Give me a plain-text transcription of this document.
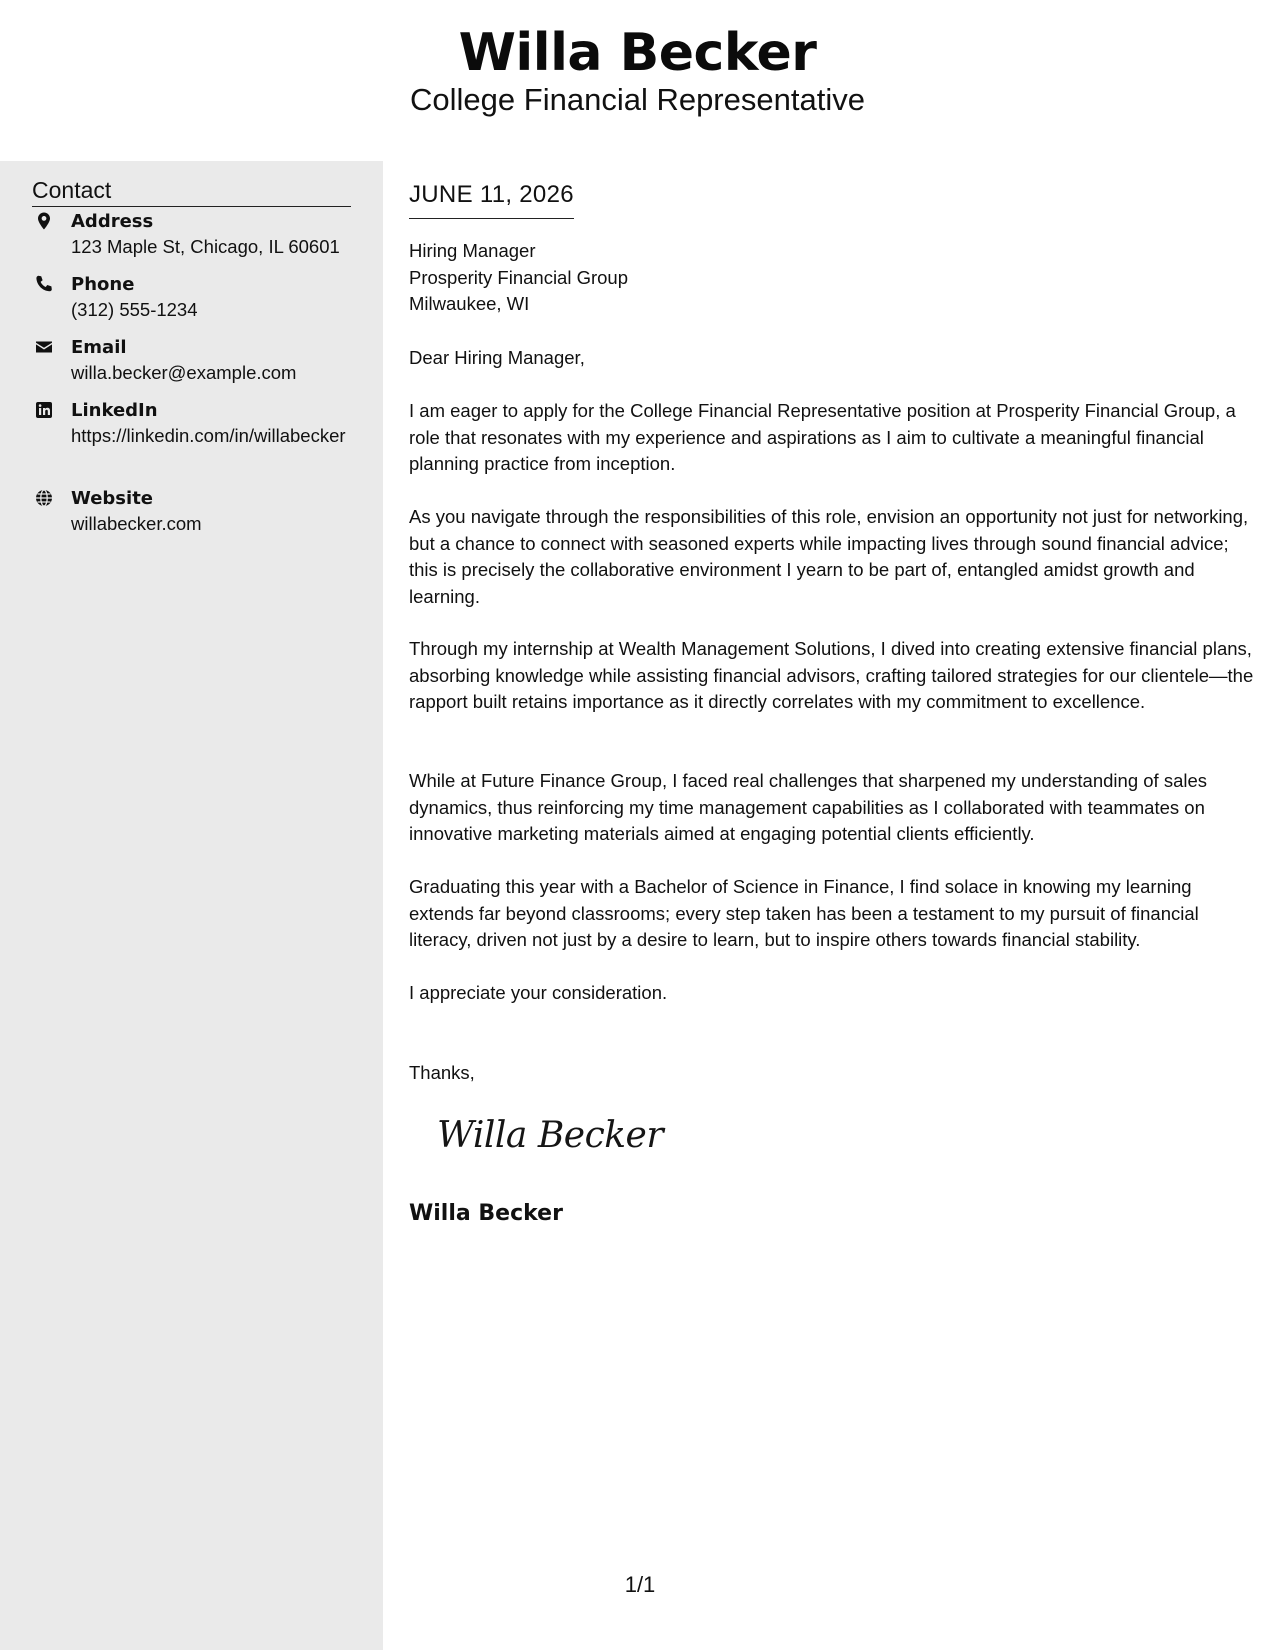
Willa Becker
College Financial Representative
Contact
Address
123 Maple St, Chicago, IL 60601
Phone
(312) 555-1234
Email
willa.becker@example.com
LinkedIn
https://linkedin.com/in/willabecker
Website
willabecker.com
JUNE 11, 2026

Hiring Manager

Prosperity Financial Group

Milwaukee, WI

Dear Hiring Manager,

I am eager to apply for the College Financial Representative position at Prosperity Financial Group, a role that resonates with my experience and aspirations as I aim to cultivate a meaningful financial planning practice from inception.

As you navigate through the responsibilities of this role, envision an opportunity not just for networking, but a chance to connect with seasoned experts while impacting lives through sound financial advice; this is precisely the collaborative environment I yearn to be part of, entangled amidst growth and learning.

Through my internship at Wealth Management Solutions, I dived into creating extensive financial plans, absorbing knowledge while assisting financial advisors, crafting tailored strategies for our clientele—the rapport built retains importance as it directly correlates with my commitment to excellence.

While at Future Finance Group, I faced real challenges that sharpened my understanding of sales dynamics, thus reinforcing my time management capabilities as I collaborated with teammates on innovative marketing materials aimed at engaging potential clients efficiently.

Graduating this year with a Bachelor of Science in Finance, I find solace in knowing my learning extends far beyond classrooms; every step taken has been a testament to my pursuit of financial literacy, driven not just by a desire to learn, but to inspire others towards financial stability.

I appreciate your consideration.

Thanks,

Willa Becker
Willa Becker
1/1
